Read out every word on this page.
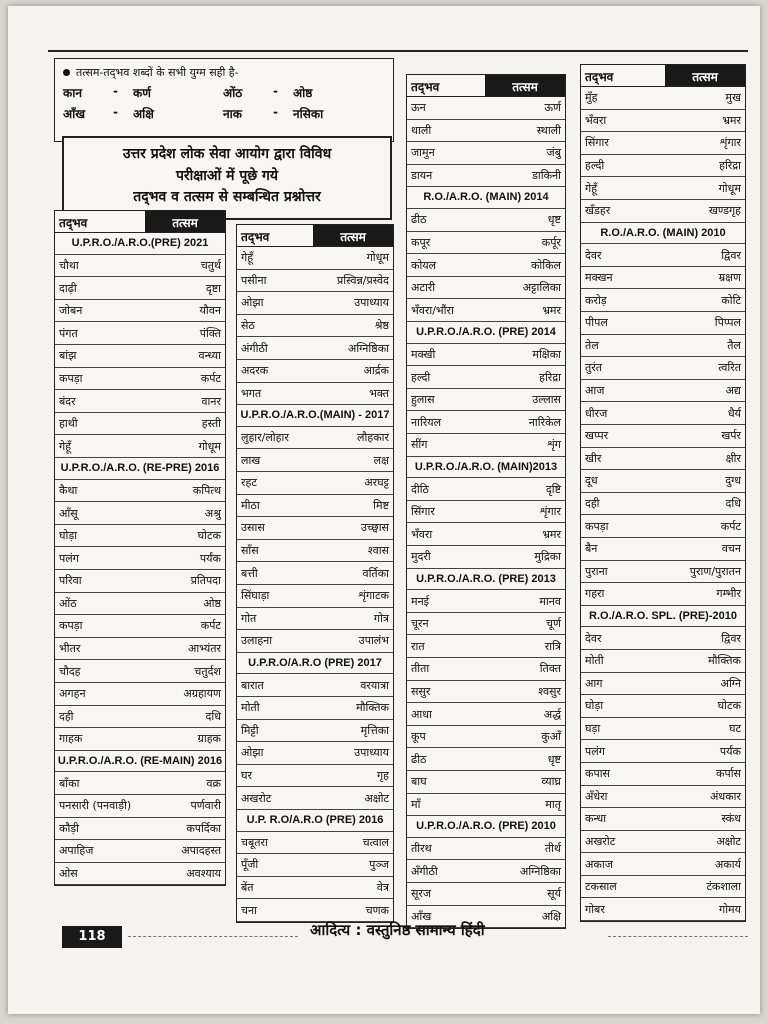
तत्सम-तद्‌भव शब्दों के सभी युग्म सही है-
कान	-	कर्ण	ओंठ	-	ओष्ठ
आँख	-	अक्षि	नाक	-	नसिका
उत्तर प्रदेश लोक सेवा आयोग द्वारा विविध
परीक्षाओं में पूछे गये
तद्‌भव व तत्सम से सम्बन्धित प्रश्नोत्तर
तद्‌भव	तत्सम
U.P.R.O./A.R.O.(PRE) 2021
चौथा	चतुर्थ
दाढ़ी	दृष्टा
जोबन	यौवन
पंगत	पंक्ति
बांझ	वन्ध्या
कपड़ा	कर्पट
बंदर	वानर
हाथी	हस्ती
गेहूँ	गोधूम
U.P.R.O./A.R.O. (RE-PRE) 2016
कैथा	कपित्थ
आँसू	अश्रु
घोड़ा	घोटक
पलंग	पर्यंक
परिवा	प्रतिपदा
ओंठ	ओष्ठ
कपड़ा	कर्पट
भीतर	आभ्यंतर
चौदह	चतुर्दश
अगहन	अग्रहायण
दही	दधि
गाहक	ग्राहक
U.P.R.O./A.R.O. (RE-MAIN) 2016
बाँका	वक्र
पनसारी (पनवाड़ी)	पर्णवारी
कौड़ी	कपर्दिका
अपाहिज	अपादहस्त
ओस	अवश्याय
तद्‌भव	तत्सम
गेहूँ	गोधूम
पसीना	प्रस्विन्न/प्रस्वेद
ओझा	उपाध्याय
सेठ	श्रेष्ठ
अंगीठी	अग्निष्ठिका
अदरक	आर्द्रक
भगत	भक्त
U.P.R.O./A.R.O.(MAIN) - 2017
लुहार/लोहार	लौहकार
लाख	लक्ष
रहट	अरघट्ट
मीठा	मिष्ट
उसास	उच्छ्वास
साँस	श्वास
बत्ती	वर्तिका
सिंघाड़ा	शृंगाटक
गोत	गोत्र
उलाहना	उपालंभ
U.P.R.O/A.R.O (PRE) 2017
बारात	वरयात्रा
मोती	मौक्तिक
मिट्टी	मृत्तिका
ओझा	उपाध्याय
घर	गृह
अखरोट	अक्षोट
U.P. R.O/A.R.O (PRE) 2016
चबूतरा	चत्वाल
पूँजी	पुञ्ज
बेंत	वेत्र
चना	चणक
तद्‌भव	तत्सम
ऊन	ऊर्ण
थाली	स्थाली
जामुन	जंबु
डायन	डाकिनी
R.O./A.R.O. (MAIN) 2014
ढीठ	धृष्ट
कपूर	कर्पूर
कोयल	कोकिल
अटारी	अट्टालिका
भँवरा/भौंरा	भ्रमर
U.P.R.O./A.R.O. (PRE) 2014
मक्खी	मक्षिका
हल्दी	हरिद्रा
हुलास	उल्लास
नारियल	नारिकेल
सींग	शृंग
U.P.R.O./A.R.O. (MAIN)2013
दीठि	दृष्टि
सिंगार	शृंगार
भँवरा	भ्रमर
मुदरी	मुद्रिका
U.P.R.O./A.R.O. (PRE) 2013
मनई	मानव
चूरन	चूर्ण
रात	रात्रि
तीता	तिक्त
ससुर	श्वसुर
आधा	अर्द्ध
कूप	कुआँ
ढीठ	धृष्ट
बाघ	व्याघ्र
माँ	मातृ
U.P.R.O./A.R.O. (PRE) 2010
तीरथ	तीर्थ
अँगीठी	अग्निष्ठिका
सूरज	सूर्य
आँख	अक्षि
तद्‌भव	तत्सम
मुँह	मुख
भँवरा	भ्रमर
सिंगार	शृंगार
हल्दी	हरिद्रा
गेहूँ	गोधूम
खँडहर	खण्डगृह
R.O./A.R.O. (MAIN) 2010
देवर	द्विवर
मक्खन	म्रक्षण
करोड़	कोटि
पीपल	पिप्पल
तेल	तैल
तुरंत	त्वरित
आज	अद्य
धीरज	धैर्य
खप्पर	खर्पर
खीर	क्षीर
दूध	दुग्ध
दही	दधि
कपड़ा	कर्पट
बैन	वचन
पुराना	पुराण/पुरातन
गहरा	गम्भीर
R.O./A.R.O. SPL. (PRE)-2010
देवर	द्विवर
मोती	मौक्तिक
आग	अग्नि
घोड़ा	घोटक
घड़ा	घट
पलंग	पर्यंक
कपास	कर्पास
अँधेरा	अंधकार
कन्धा	स्कंध
अखरोट	अक्षोट
अकाज	अकार्य
टकसाल	टंकशाला
गोबर	गोमय
118	आदित्य : वस्तुनिष्ठ सामान्य हिंदी
